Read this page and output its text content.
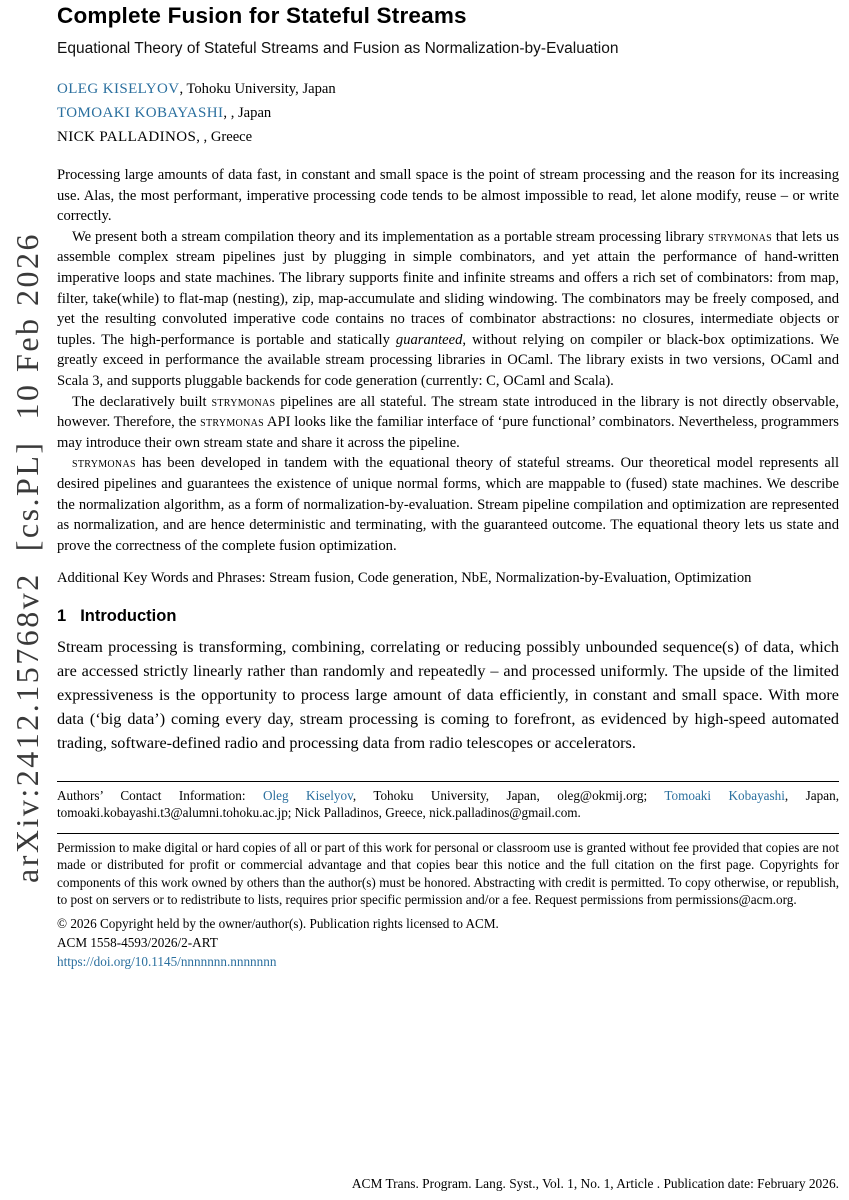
arXiv:2412.15768v2  [cs.PL]  10 Feb 2026
Complete Fusion for Stateful Streams
Equational Theory of Stateful Streams and Fusion as Normalization-by-Evaluation
OLEG KISELYOV, Tohoku University, Japan
TOMOAKI KOBAYASHI, , Japan
NICK PALLADINOS, , Greece

Processing large amounts of data fast, in constant and small space is the point of stream processing and the reason for its increasing use. Alas, the most performant, imperative processing code tends to be almost impossible to read, let alone modify, reuse – or write correctly.

We present both a stream compilation theory and its implementation as a portable stream processing library strymonas that lets us assemble complex stream pipelines just by plugging in simple combinators, and yet attain the performance of hand-written imperative loops and state machines. The library supports finite and infinite streams and offers a rich set of combinators: from map, filter, take(while) to flat-map (nesting), zip, map-accumulate and sliding windowing. The combinators may be freely composed, and yet the resulting convoluted imperative code contains no traces of combinator abstractions: no closures, intermediate objects or tuples. The high-performance is portable and statically guaranteed, without relying on compiler or black-box optimizations. We greatly exceed in performance the available stream processing libraries in OCaml. The library exists in two versions, OCaml and Scala 3, and supports pluggable backends for code generation (currently: C, OCaml and Scala).

The declaratively built strymonas pipelines are all stateful. The stream state introduced in the library is not directly observable, however. Therefore, the strymonas API looks like the familiar interface of ‘pure functional’ combinators. Nevertheless, programmers may introduce their own stream state and share it across the pipeline.

strymonas has been developed in tandem with the equational theory of stateful streams. Our theoretical model represents all desired pipelines and guarantees the existence of unique normal forms, which are mappable to (fused) state machines. We describe the normalization algorithm, as a form of normalization-by-evaluation. Stream pipeline compilation and optimization are represented as normalization, and are hence deterministic and terminating, with the guaranteed outcome. The equational theory lets us state and prove the correctness of the complete fusion optimization.

Additional Key Words and Phrases: Stream fusion, Code generation, NbE, Normalization-by-Evaluation, Optimization

1 Introduction

Stream processing is transforming, combining, correlating or reducing possibly unbounded sequence(s) of data, which are accessed strictly linearly rather than randomly and repeatedly – and processed uniformly. The upside of the limited expressiveness is the opportunity to process large amount of data efficiently, in constant and small space. With more data (‘big data’) coming every day, stream processing is coming to forefront, as evidenced by high-speed automated trading, software-defined radio and processing data from radio telescopes or accelerators.

Authors’ Contact Information: Oleg Kiselyov, Tohoku University, Japan, oleg@okmij.org; Tomoaki Kobayashi, Japan, tomoaki.kobayashi.t3@alumni.tohoku.ac.jp; Nick Palladinos, Greece, nick.palladinos@gmail.com.

Permission to make digital or hard copies of all or part of this work for personal or classroom use is granted without fee provided that copies are not made or distributed for profit or commercial advantage and that copies bear this notice and the full citation on the first page. Copyrights for components of this work owned by others than the author(s) must be honored. Abstracting with credit is permitted. To copy otherwise, or republish, to post on servers or to redistribute to lists, requires prior specific permission and/or a fee. Request permissions from permissions@acm.org.

© 2026 Copyright held by the owner/author(s). Publication rights licensed to ACM.
ACM 1558-4593/2026/2-ART
https://doi.org/10.1145/nnnnnnn.nnnnnnn
ACM Trans. Program. Lang. Syst., Vol. 1, No. 1, Article . Publication date: February 2026.
